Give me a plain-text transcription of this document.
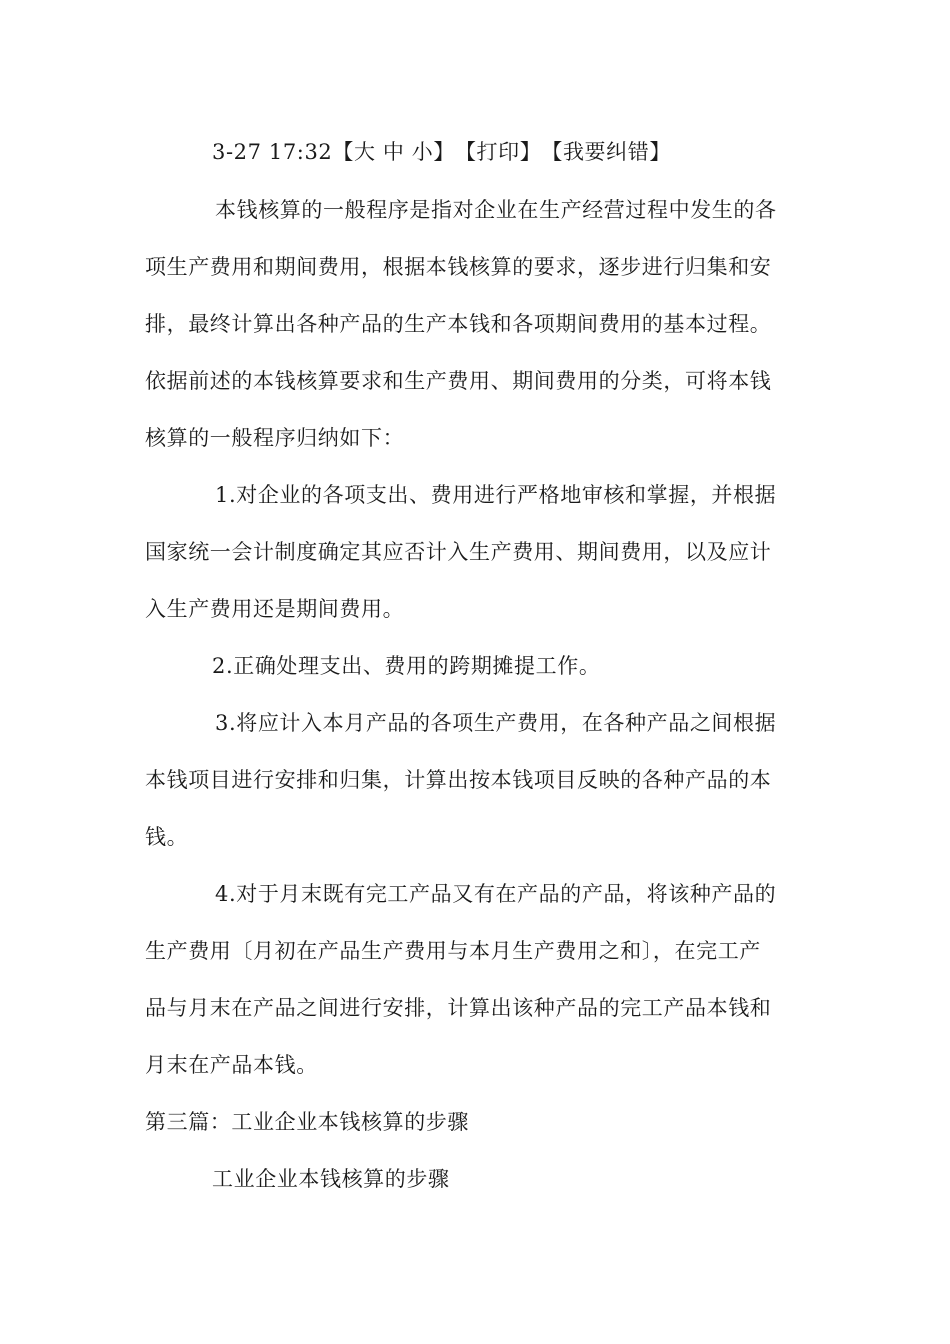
3-27 17:32【大 中 小】【打印】【我要纠错】
本钱核算的一般程序是指对企业在生产经营过程中发生的各
项生产费用和期间费用，根据本钱核算的要求，逐步进行归集和安
排，最终计算出各种产品的生产本钱和各项期间费用的基本过程。
依据前述的本钱核算要求和生产费用、期间费用的分类，可将本钱
核算的一般程序归纳如下：
1.对企业的各项支出、费用进行严格地审核和掌握，并根据
国家统一会计制度确定其应否计入生产费用、期间费用，以及应计
入生产费用还是期间费用。
2.正确处理支出、费用的跨期摊提工作。
3.将应计入本月产品的各项生产费用，在各种产品之间根据
本钱项目进行安排和归集，计算出按本钱项目反映的各种产品的本
钱。
4.对于月末既有完工产品又有在产品的产品，将该种产品的
生产费用〔月初在产品生产费用与本月生产费用之和〕，在完工产
品与月末在产品之间进行安排，计算出该种产品的完工产品本钱和
月末在产品本钱。
第三篇：工业企业本钱核算的步骤
工业企业本钱核算的步骤
